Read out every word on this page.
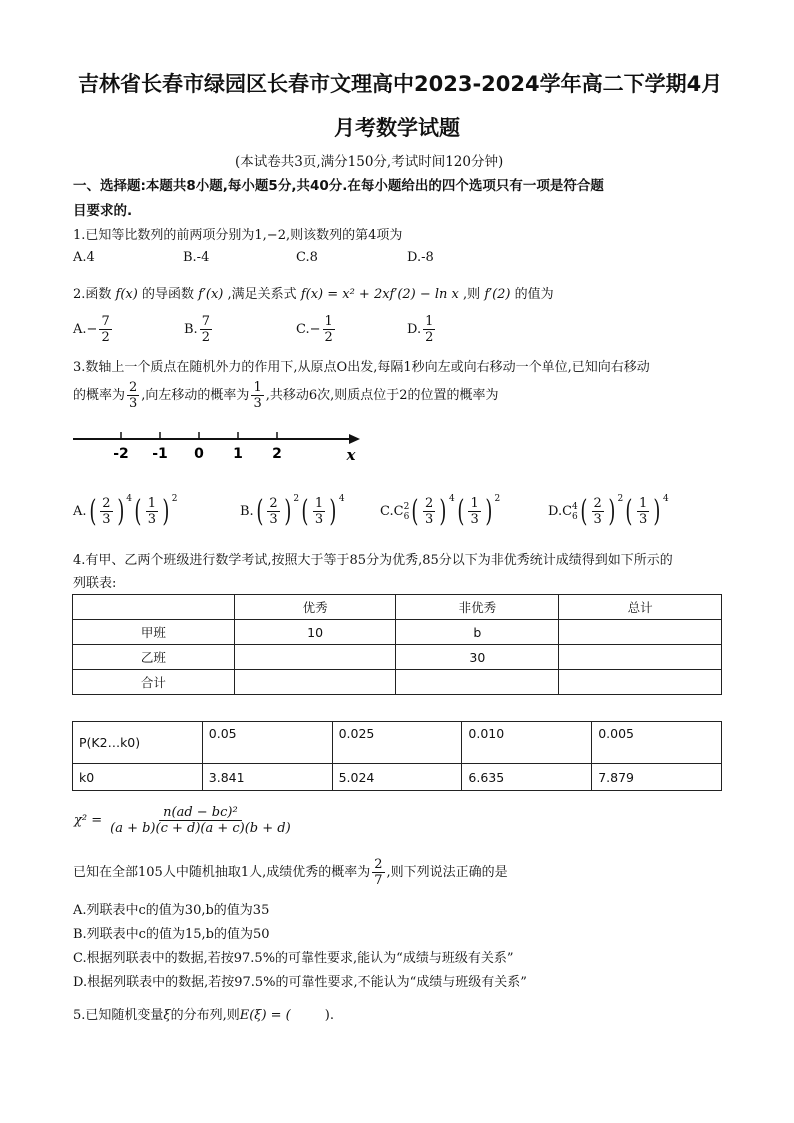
吉林省长春市绿园区长春市文理高中2023-2024学年高二下学期4月
月考数学试题
(本试卷共3页,满分150分,考试时间120分钟)
一、选择题:本题共8小题,每小题5分,共40分.在每小题给出的四个选项只有一项是符合题
目要求的.
1.已知等比数列的前两项分别为1,−2,则该数列的第4项为
A.4	B.-4	C.8	D.-8
2.函数 f(x) 的导函数 f′(x) ,满足关系式 f(x) = x² + 2xf′(2) − ln x ,则 f′(2) 的值为
$A.- \frac{7}{2}$	B. $\frac{7}{2}$	$C.- \frac{1}{2}$	D. $\frac{1}{2}$
3.数轴上一个质点在随机外力的作用下,从原点O出发,每隔1秒向左或向右移动一个单位,已知向右移动
的概率为 $\frac{2}{3}$ ,向左移动的概率为 $\frac{1}{3}$ ,共移动6次,则质点位于2的位置的概率为
-2 -1 0 1 2	x
A. ( $\frac{2}{3}$ ) 4 ( $\frac{1}{3}$ ) 2
B. ( $\frac{2}{3}$ ) 2 ( $\frac{1}{3}$ ) 4
C. C 2
6 ( $\frac{2}{3}$ ) 4 ( $\frac{1}{3}$ ) 2
D. C 4
6 ( $\frac{2}{3}$ ) 2 ( $\frac{1}{3}$ ) 4
4.有甲、乙两个班级进行数学考试,按照大于等于85分为优秀,85分以下为非优秀统计成绩得到如下所示的
列联表:
	优秀	非优秀	总计
甲班	10	b	
乙班		30	
合计			
P(K2…k0)	0.05	0.025	0.010	0.005
k0	3.841	5.024	6.635	7.879
$\chi^2 = \frac{\text{n(ad − bc)²}}{(a + b)(c + d)(a + c)(b + d)}$
已知在全部105人中随机抽取1人,成绩优秀的概率为 $\frac{2}{7}$ ,则下列说法正确的是
A.列联表中c的值为30,b的值为35
B.列联表中c的值为15,b的值为50
C.根据列联表中的数据,若按97.5%的可靠性要求,能认为“成绩与班级有关系”
D.根据列联表中的数据,若按97.5%的可靠性要求,不能认为“成绩与班级有关系”
5.已知随机变量ξ的分布列,则E(ξ) = (	).
